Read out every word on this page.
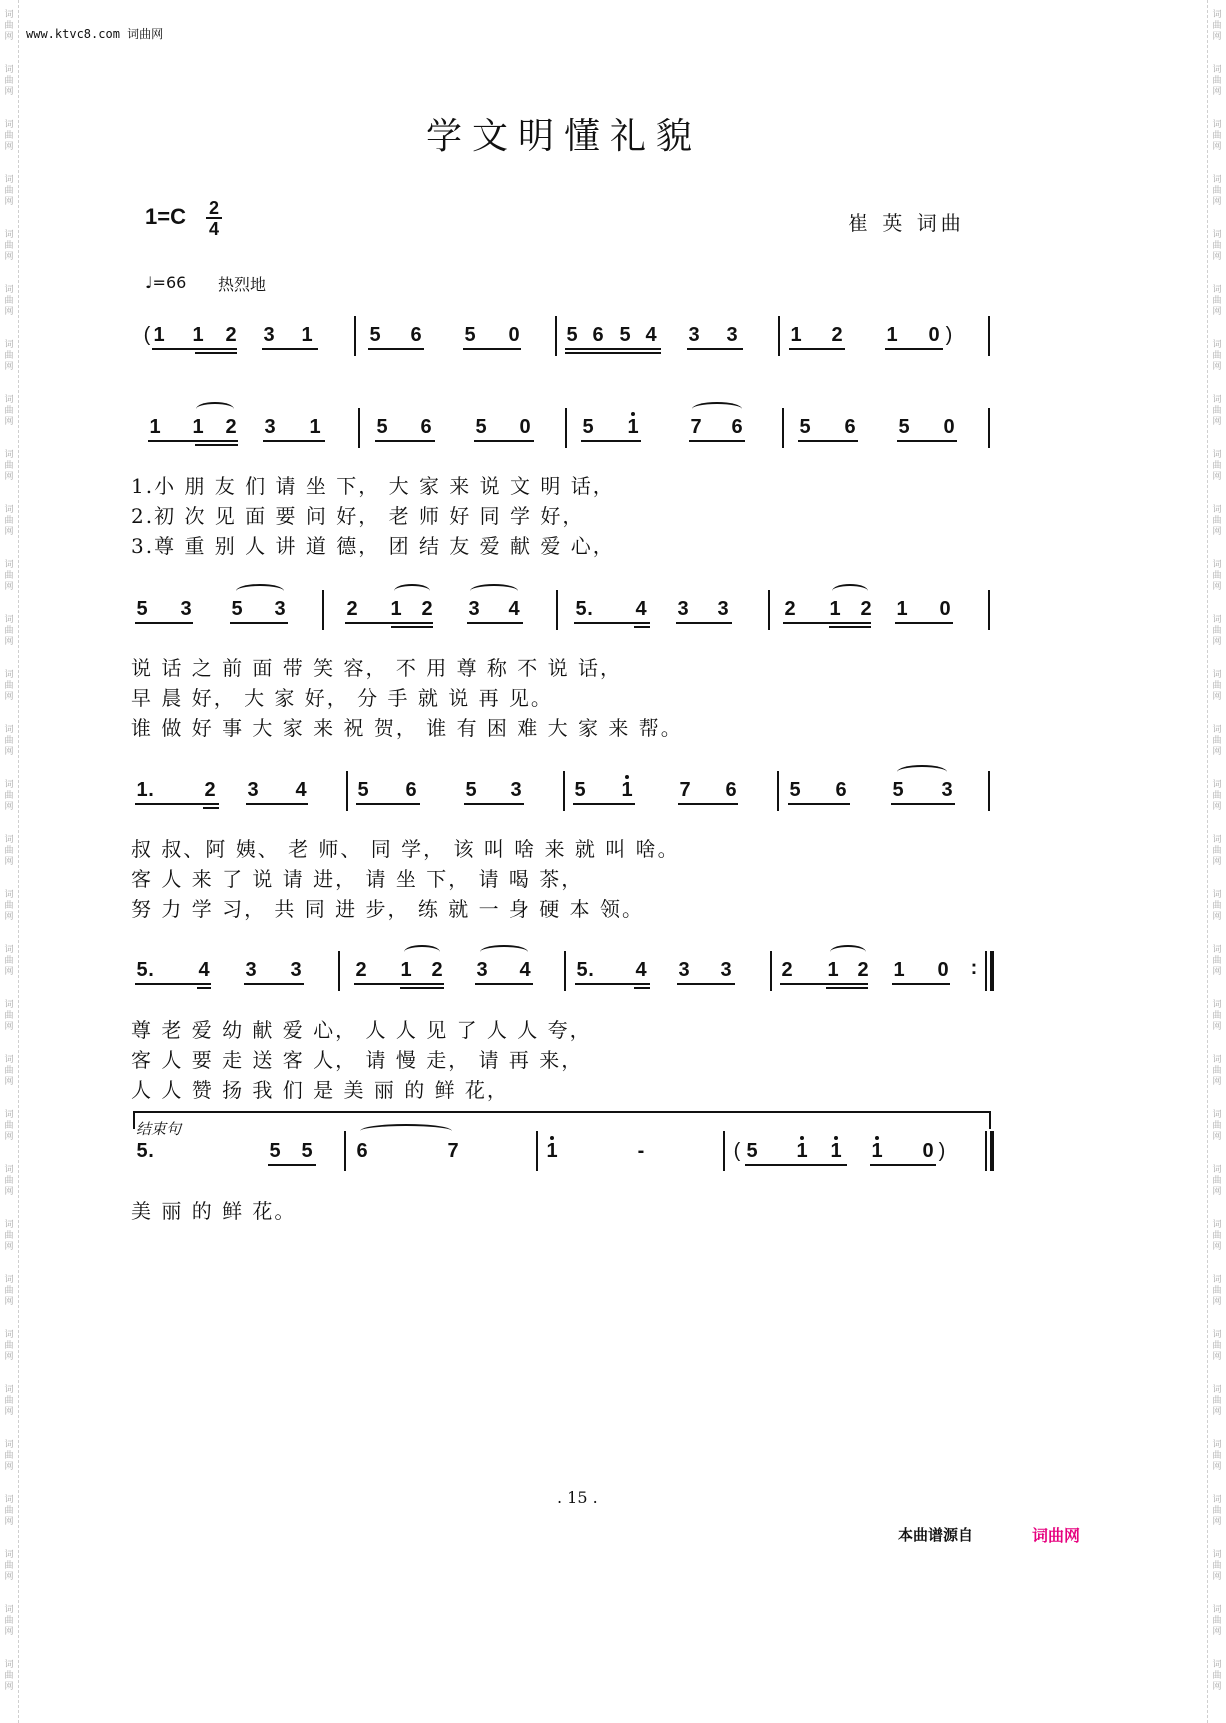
词
曲
网
词
曲
网
词
曲
网
词
曲
网
词
曲
网
词
曲
网
词
曲
网
词
曲
网
词
曲
网
词
曲
网
词
曲
网
词
曲
网
词
曲
网
词
曲
网
词
曲
网
词
曲
网
词
曲
网
词
曲
网
词
曲
网
词
曲
网
词
曲
网
词
曲
网
词
曲
网
词
曲
网
词
曲
网
词
曲
网
词
曲
网
词
曲
网
词
曲
网
词
曲
网
词
曲
网
词
曲
网
词
曲
网
词
曲
网
词
曲
网
词
曲
网
词
曲
网
词
曲
网
词
曲
网
词
曲
网
词
曲
网
词
曲
网
词
曲
网
词
曲
网
词
曲
网
词
曲
网
词
曲
网
词
曲
网
词
曲
网
词
曲
网
词
曲
网
词
曲
网
词
曲
网
词
曲
网
词
曲
网
词
曲
网
词
曲
网
词
曲
网
词
曲
网
词
曲
网
词
曲
网
词
曲
网
www.ktvc8.com 词曲网
学文明懂礼貌
$1=C \frac{2}{4}$	崔 英 词曲
♩=66 热烈地
( 1 1 2 3 1	5 6 5 0 5 6 5 4 3 3	1 2 1 0 )
1 1 2 3 1	5 6 5 0	5 1	7 6	5 6 5 0
1.小 朋 友 们 请 坐 下， 大 家 来 说 文 明 话，
2.初 次 见 面 要 问 好， 老 师 好 同 学 好，
3.尊 重 别 人 讲 道 德， 团 结 友 爱 献 爱 心，
5 3 5 3	2 1 2 3 4	5 . 4 3 3	2 1 2 1 0
说 话 之 前 面 带 笑 容， 不 用 尊 称 不 说 话，
早 晨 好， 大 家 好， 分 手 就 说 再 见。
谁 做 好 事 大 家 来 祝 贺， 谁 有 困 难 大 家 来 帮。
1 .	2 3 4	5 6 5 3	5 1 7 6	5 6 5 3
叔 叔、阿 姨、 老 师、 同 学， 该 叫 啥 来 就 叫 啥。
客 人 来 了 说 请 进， 请 坐 下， 请 喝 茶，
努 力 学 习， 共 同 进 步， 练 就 一 身 硬 本 领。
5 . 4 3 3	2 1 2 3 4 5 . 4 3 3 2 1 2 1 0 :
尊 老 爱 幼 献 爱 心， 人 人 见 了 人 人 夸，
客 人 要 走 送 客 人， 请 慢 走， 请 再 来，
人 人 赞 扬 我 们 是 美 丽 的 鲜 花，
结束句
5 .	5 5 6	7	1	-	( 5 1 1 1 0 )
美 丽 的 鲜 花。
. 15 .
本曲谱源自	词曲网
